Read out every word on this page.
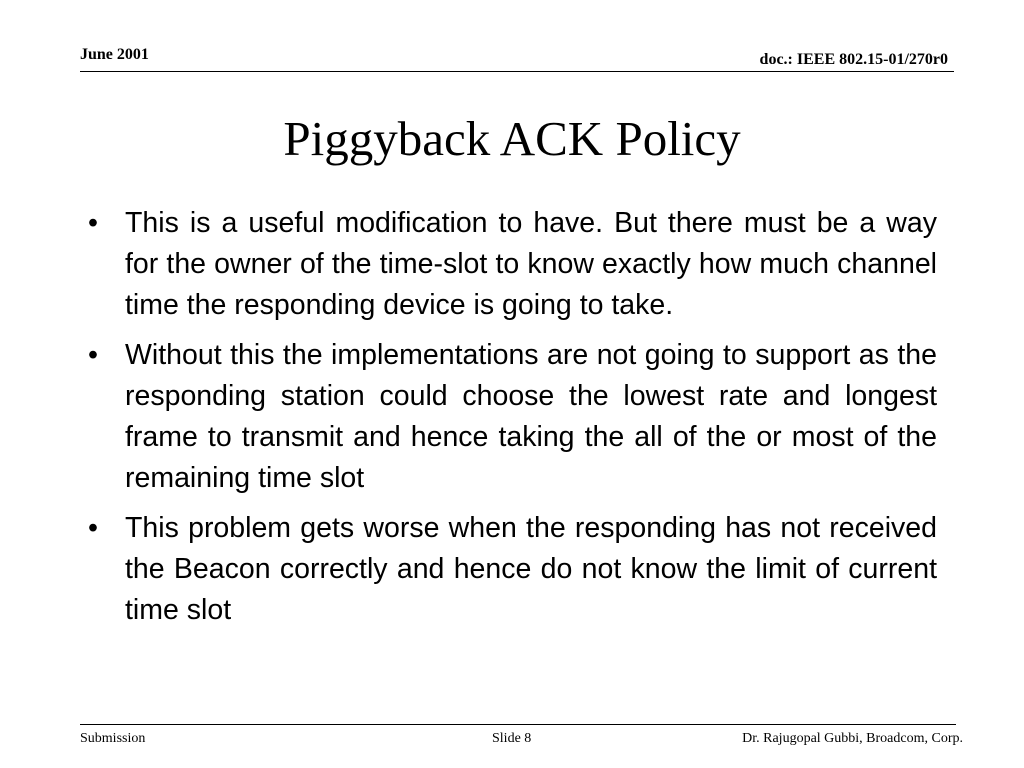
June 2001	doc.: IEEE 802.15-01/270r0
Piggyback ACK Policy
• This is a useful modification to have. But there must be a way for the owner of the time-slot to know exactly how much channel time the responding device is going to take.
• Without this the implementations are not going to support as the responding station could choose the lowest rate and longest frame to transmit and hence taking the all of the or most of the remaining time slot
• This problem gets worse when the responding has not received the Beacon correctly and hence do not know the limit of current time slot
Submission	Slide 8	Dr. Rajugopal Gubbi, Broadcom, Corp.
